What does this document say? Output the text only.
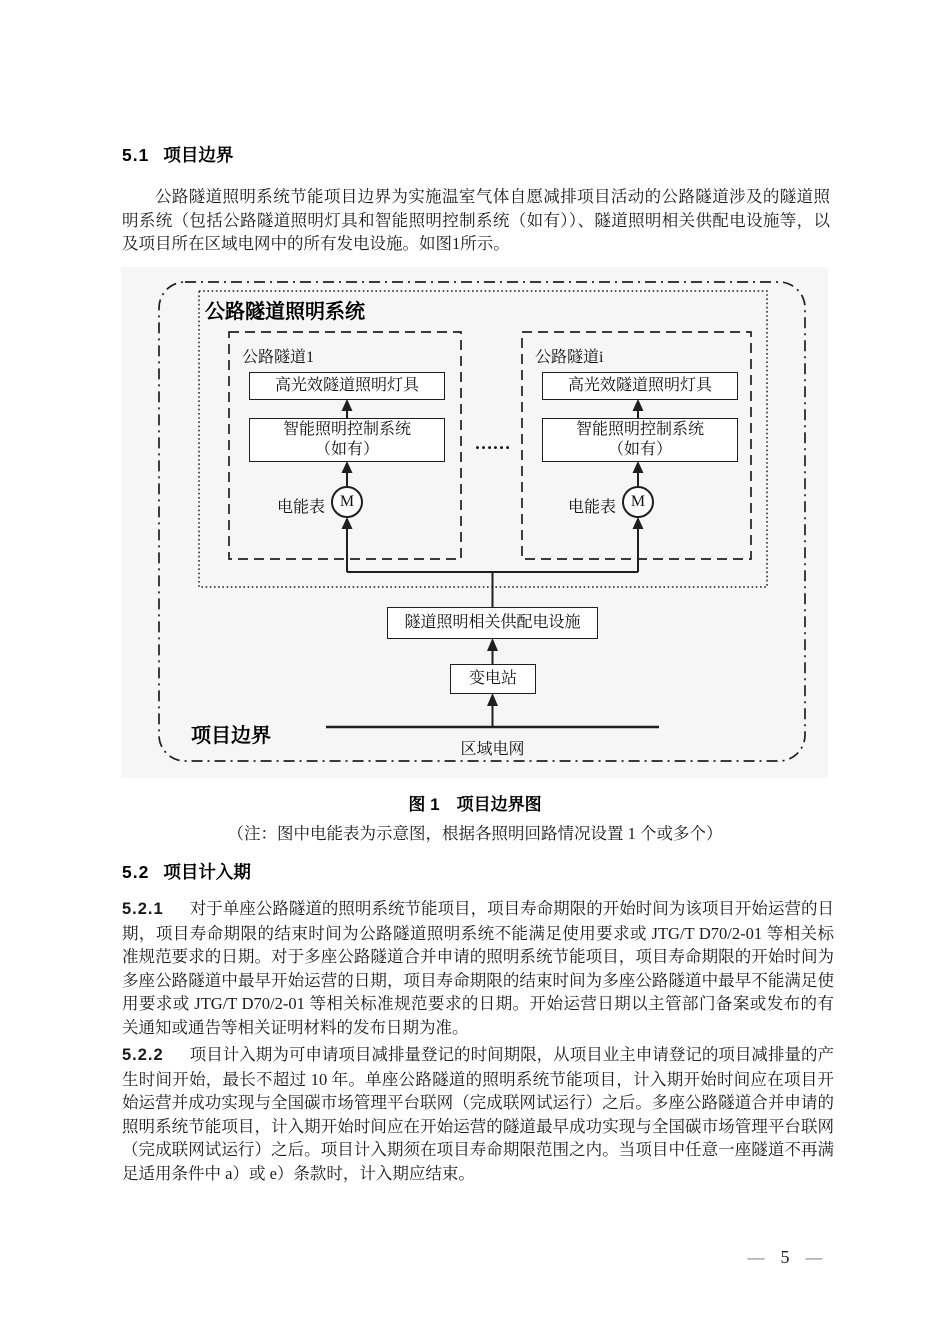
5.1 项目边界

公路隧道照明系统节能项目边界为实施温室气体自愿减排项目活动的公路隧道涉及的隧道照明系统（包括公路隧道照明灯具和智能照明控制系统（如有））、隧道照明相关供配电设施等，以及项目所在区域电网中的所有发电设施。如图1所示。

公路隧道照明系统
公路隧道1
高光效隧道照明灯具
智能照明控制系统
（如有）
电能表 M
……
公路隧道i
高光效隧道照明灯具
智能照明控制系统
（如有）
电能表 M
隧道照明相关供配电设施
变电站
区域电网
项目边界
图 1　项目边界图
（注：图中电能表为示意图，根据各照明回路情况设置 1 个或多个）
5.2 项目计入期

5.2.1 对于单座公路隧道的照明系统节能项目，项目寿命期限的开始时间为该项目开始运营的日期，项目寿命期限的结束时间为公路隧道照明系统不能满足使用要求或 JTG/T D70/2-01 等相关标准规范要求的日期。对于多座公路隧道合并申请的照明系统节能项目，项目寿命期限的开始时间为多座公路隧道中最早开始运营的日期，项目寿命期限的结束时间为多座公路隧道中最早不能满足使用要求或 JTG/T D70/2-01 等相关标准规范要求的日期。开始运营日期以主管部门备案或发布的有关通知或通告等相关证明材料的发布日期为准。

5.2.2 项目计入期为可申请项目减排量登记的时间期限，从项目业主申请登记的项目减排量的产生时间开始，最长不超过 10 年。单座公路隧道的照明系统节能项目，计入期开始时间应在项目开始运营并成功实现与全国碳市场管理平台联网（完成联网试运行）之后。多座公路隧道合并申请的照明系统节能项目，计入期开始时间应在开始运营的隧道最早成功实现与全国碳市场管理平台联网（完成联网试运行）之后。项目计入期须在项目寿命期限范围之内。当项目中任意一座隧道不再满足适用条件中 a）或 e）条款时，计入期应结束。

— 5 —
